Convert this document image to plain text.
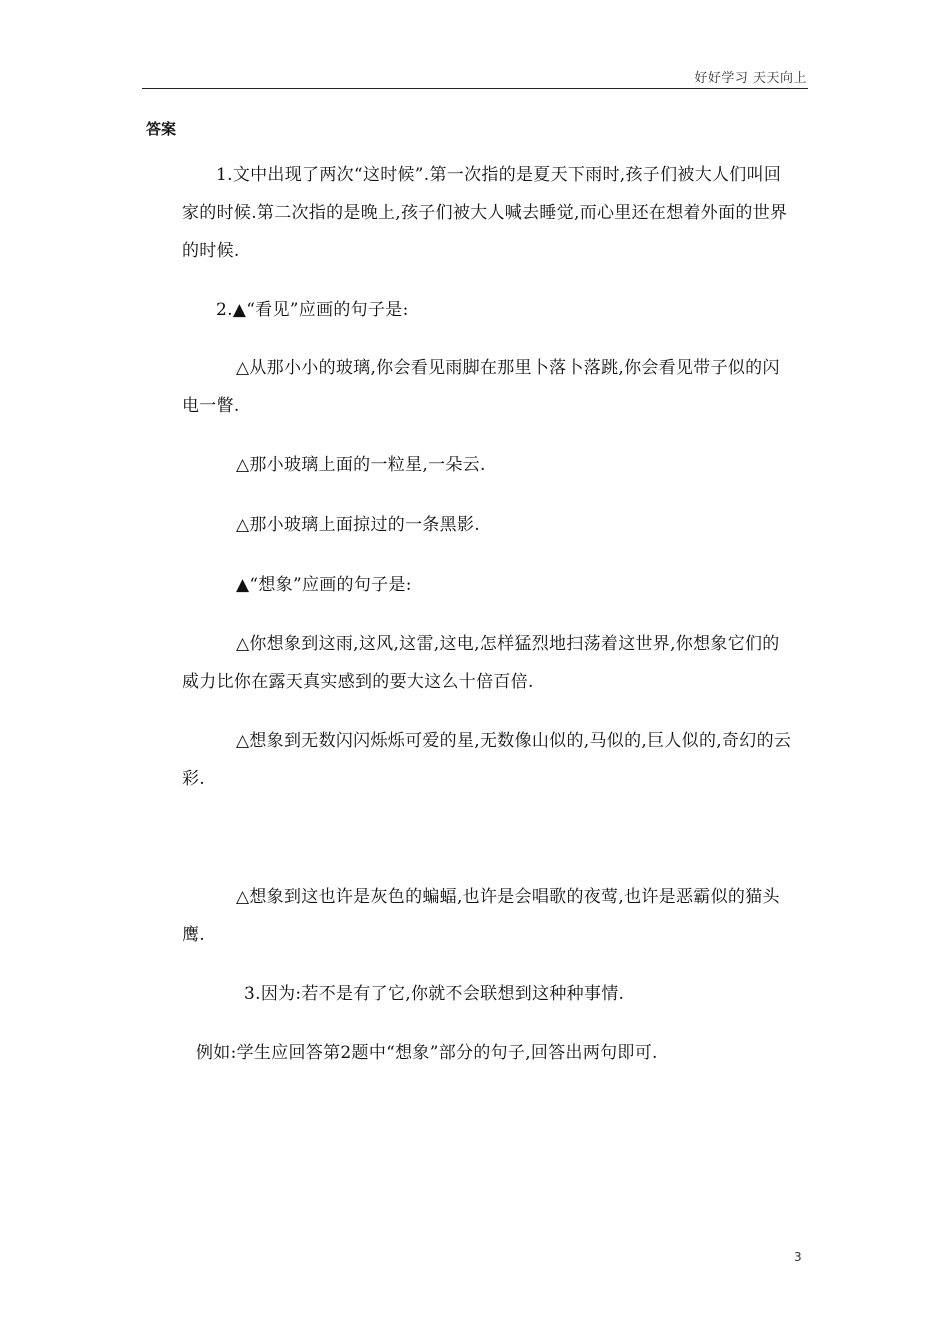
好好学习 天天向上
答案
1.文中出现了两次“这时候”.第一次指的是夏天下雨时,孩子们被大人们叫回家的时候.第二次指的是晚上,孩子们被大人喊去睡觉,而心里还在想着外面的世界的时候.
2.▲“看见”应画的句子是:
△从那小小的玻璃,你会看见雨脚在那里卜落卜落跳,你会看见带子似的闪电一瞥.
△那小玻璃上面的一粒星,一朵云.
△那小玻璃上面掠过的一条黑影.
▲“想象”应画的句子是:
△你想象到这雨,这风,这雷,这电,怎样猛烈地扫荡着这世界,你想象它们的威力比你在露天真实感到的要大这么十倍百倍.
△想象到无数闪闪烁烁可爱的星,无数像山似的,马似的,巨人似的,奇幻的云彩.
△想象到这也许是灰色的蝙蝠,也许是会唱歌的夜莺,也许是恶霸似的猫头鹰.
3.因为:若不是有了它,你就不会联想到这种种事情.
例如:学生应回答第2题中“想象”部分的句子,回答出两句即可.
3
